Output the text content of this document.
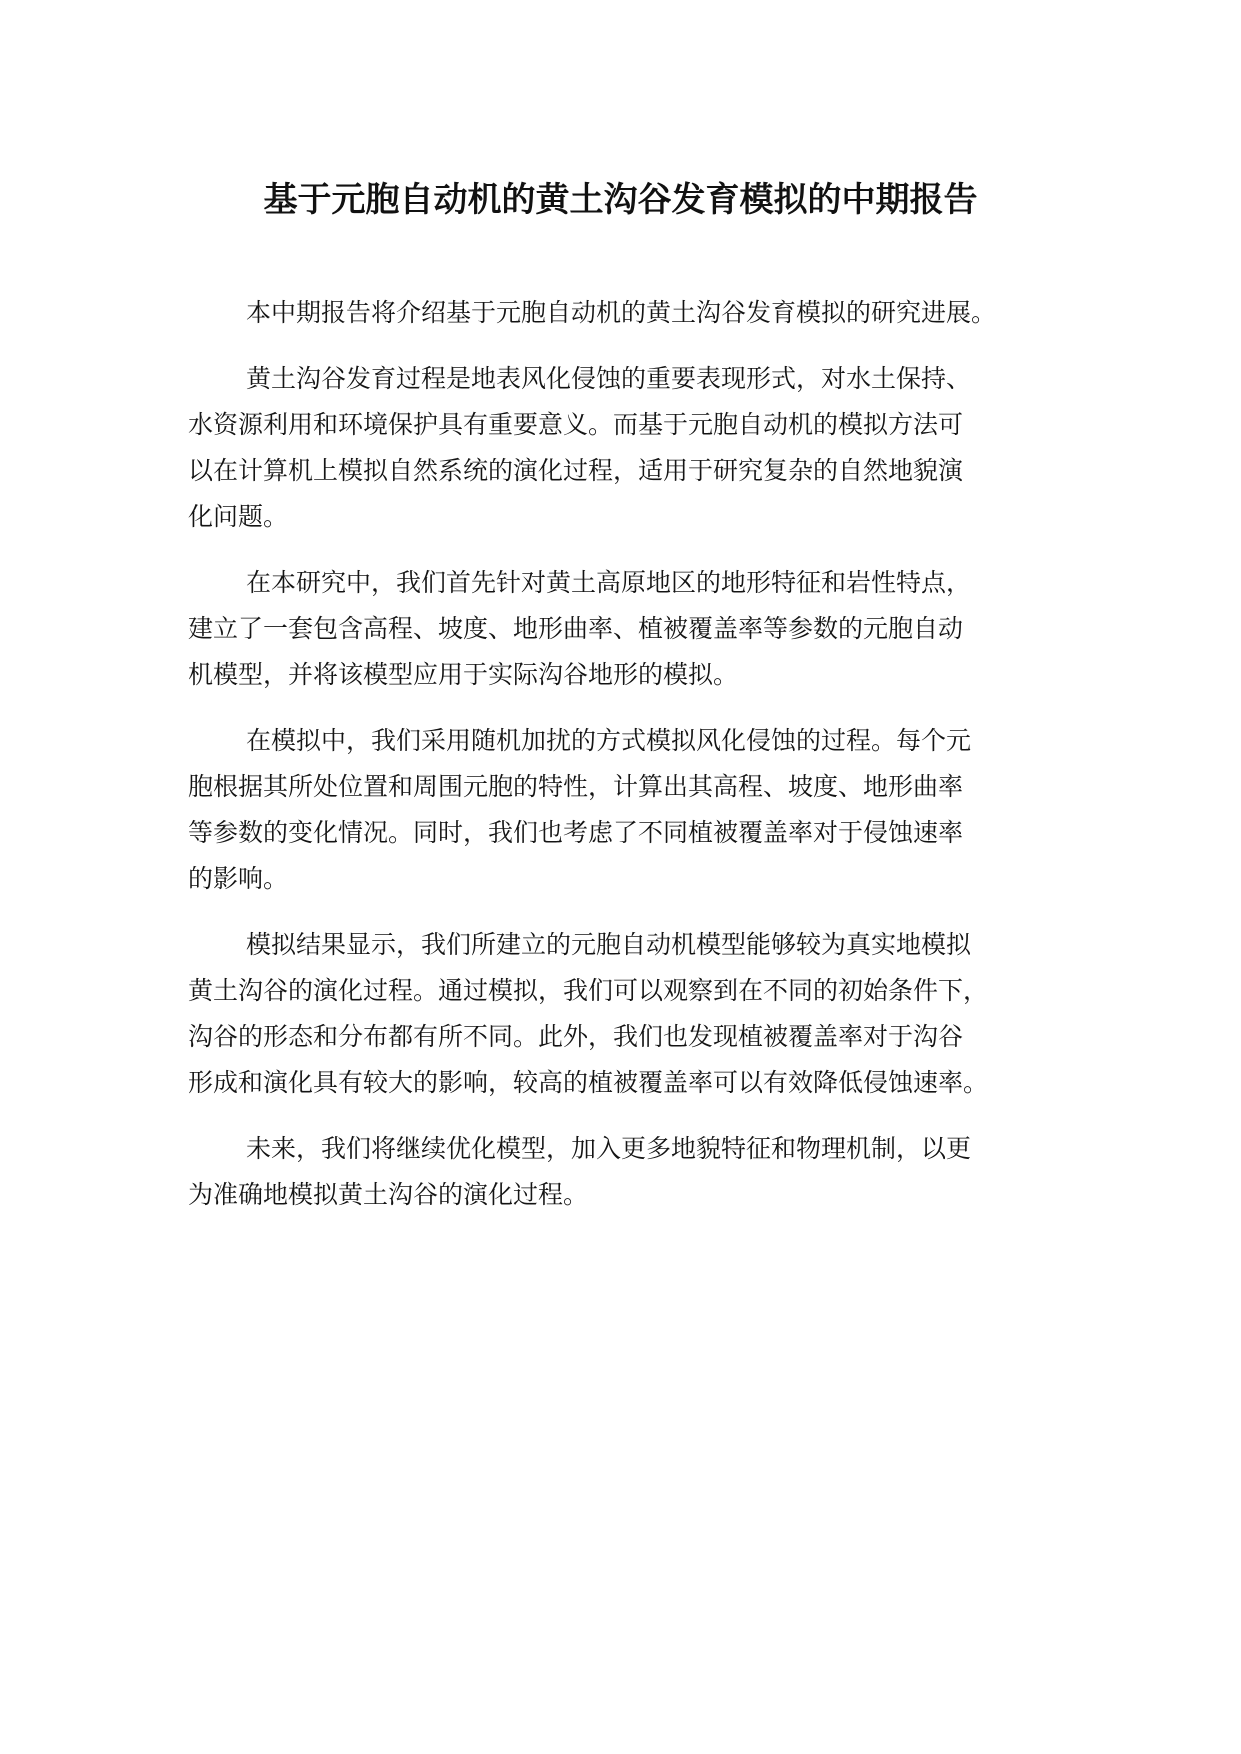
基于元胞自动机的黄土沟谷发育模拟的中期报告

本中期报告将介绍基于元胞自动机的黄土沟谷发育模拟的研究进展。

黄土沟谷发育过程是地表风化侵蚀的重要表现形式，对水土保持、
水资源利用和环境保护具有重要意义。而基于元胞自动机的模拟方法可
以在计算机上模拟自然系统的演化过程，适用于研究复杂的自然地貌演
化问题。

在本研究中，我们首先针对黄土高原地区的地形特征和岩性特点，
建立了一套包含高程、坡度、地形曲率、植被覆盖率等参数的元胞自动
机模型，并将该模型应用于实际沟谷地形的模拟。

在模拟中，我们采用随机加扰的方式模拟风化侵蚀的过程。每个元
胞根据其所处位置和周围元胞的特性，计算出其高程、坡度、地形曲率
等参数的变化情况。同时，我们也考虑了不同植被覆盖率对于侵蚀速率
的影响。

模拟结果显示，我们所建立的元胞自动机模型能够较为真实地模拟
黄土沟谷的演化过程。通过模拟，我们可以观察到在不同的初始条件下，
沟谷的形态和分布都有所不同。此外，我们也发现植被覆盖率对于沟谷
形成和演化具有较大的影响，较高的植被覆盖率可以有效降低侵蚀速率。

未来，我们将继续优化模型，加入更多地貌特征和物理机制，以更
为准确地模拟黄土沟谷的演化过程。
